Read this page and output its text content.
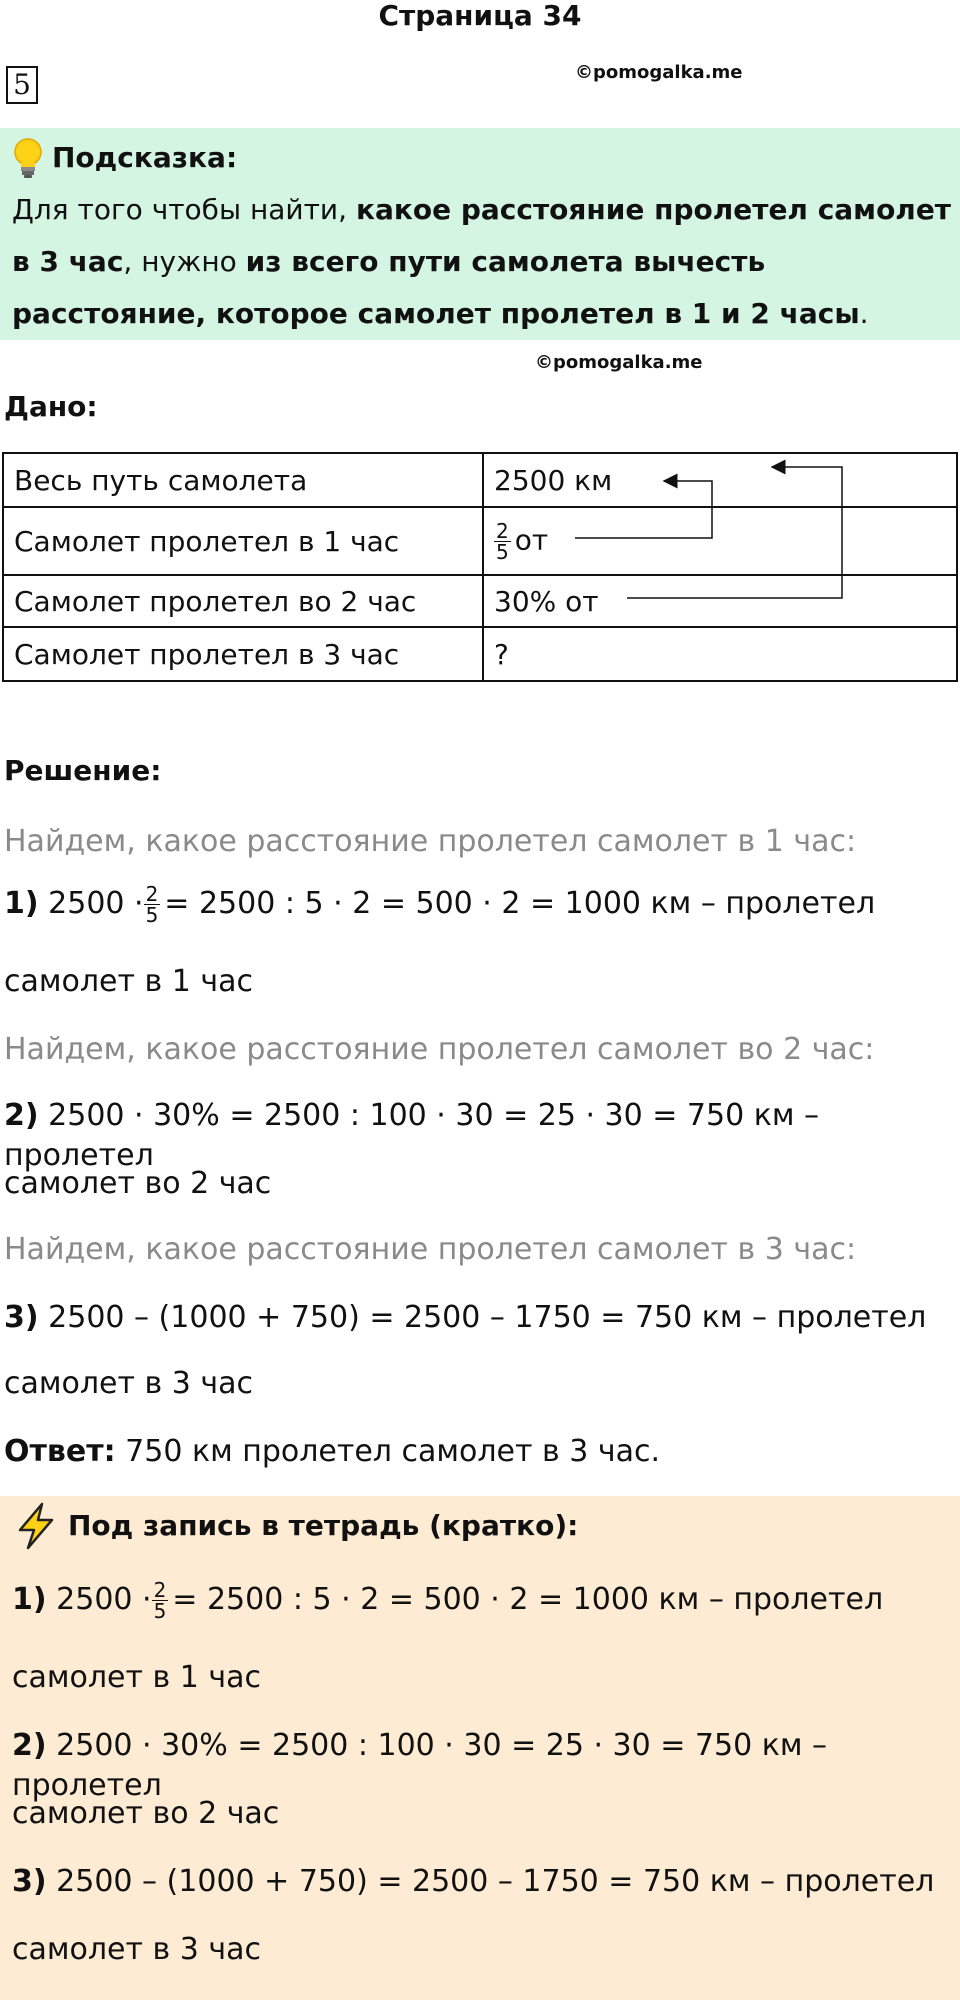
Страница 34
5	©pomogalka.me
Подсказка:
Для того чтобы найти, какое расстояние пролетел самолет в 3 час, нужно из всего пути самолета вычесть расстояние, которое самолет пролетел в 1 и 2 часы.
©pomogalka.me
Дано:
Весь путь самолета	2500 км
Самолет пролетел в 1 час	$\frac{2}{5}$ от
Самолет пролетел во 2 час	30% от
Самолет пролетел в 3 час	?
Решение:
Найдем, какое расстояние пролетел самолет в 1 час:
1) $2500 \cdot \frac{2}{5} = 2500$ : 5 · 2 = 500 · 2 = 1000 км – пролетел
самолет в 1 час
Найдем, какое расстояние пролетел самолет во 2 час:
2) 2500 · 30% = 2500 : 100 · 30 = 25 · 30 = 750 км – пролетел
самолет во 2 час
Найдем, какое расстояние пролетел самолет в 3 час:
3) 2500 – (1000 + 750) = 2500 – 1750 = 750 км – пролетел
самолет в 3 час
Ответ: 750 км пролетел самолет в 3 час.
Под запись в тетрадь (кратко):
1) $2500 \cdot \frac{2}{5} = 2500$ : 5 · 2 = 500 · 2 = 1000 км – пролетел
самолет в 1 час
2) 2500 · 30% = 2500 : 100 · 30 = 25 · 30 = 750 км – пролетел
самолет во 2 час
3) 2500 – (1000 + 750) = 2500 – 1750 = 750 км – пролетел
самолет в 3 час
